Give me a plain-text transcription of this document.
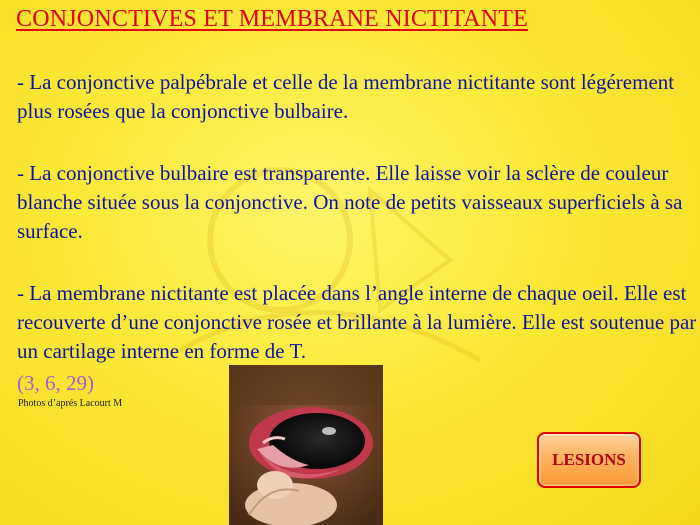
CONJONCTIVES ET MEMBRANE NICTITANTE

- La conjonctive palpébrale et celle de la membrane nictitante sont légérement plus rosées que la conjonctive bulbaire.

- La conjonctive bulbaire est transparente. Elle laisse voir la sclère de couleur blanche située sous la conjonctive. On note de petits vaisseaux superficiels à sa surface.

- La membrane nictitante est placée dans l’angle interne de chaque oeil. Elle est recouverte d’une conjonctive rosée et brillante à la lumière. Elle est soutenue par un cartilage interne en forme de T.

(3, 6, 29)

Photos d’aprés Lacourt M

LESIONS
